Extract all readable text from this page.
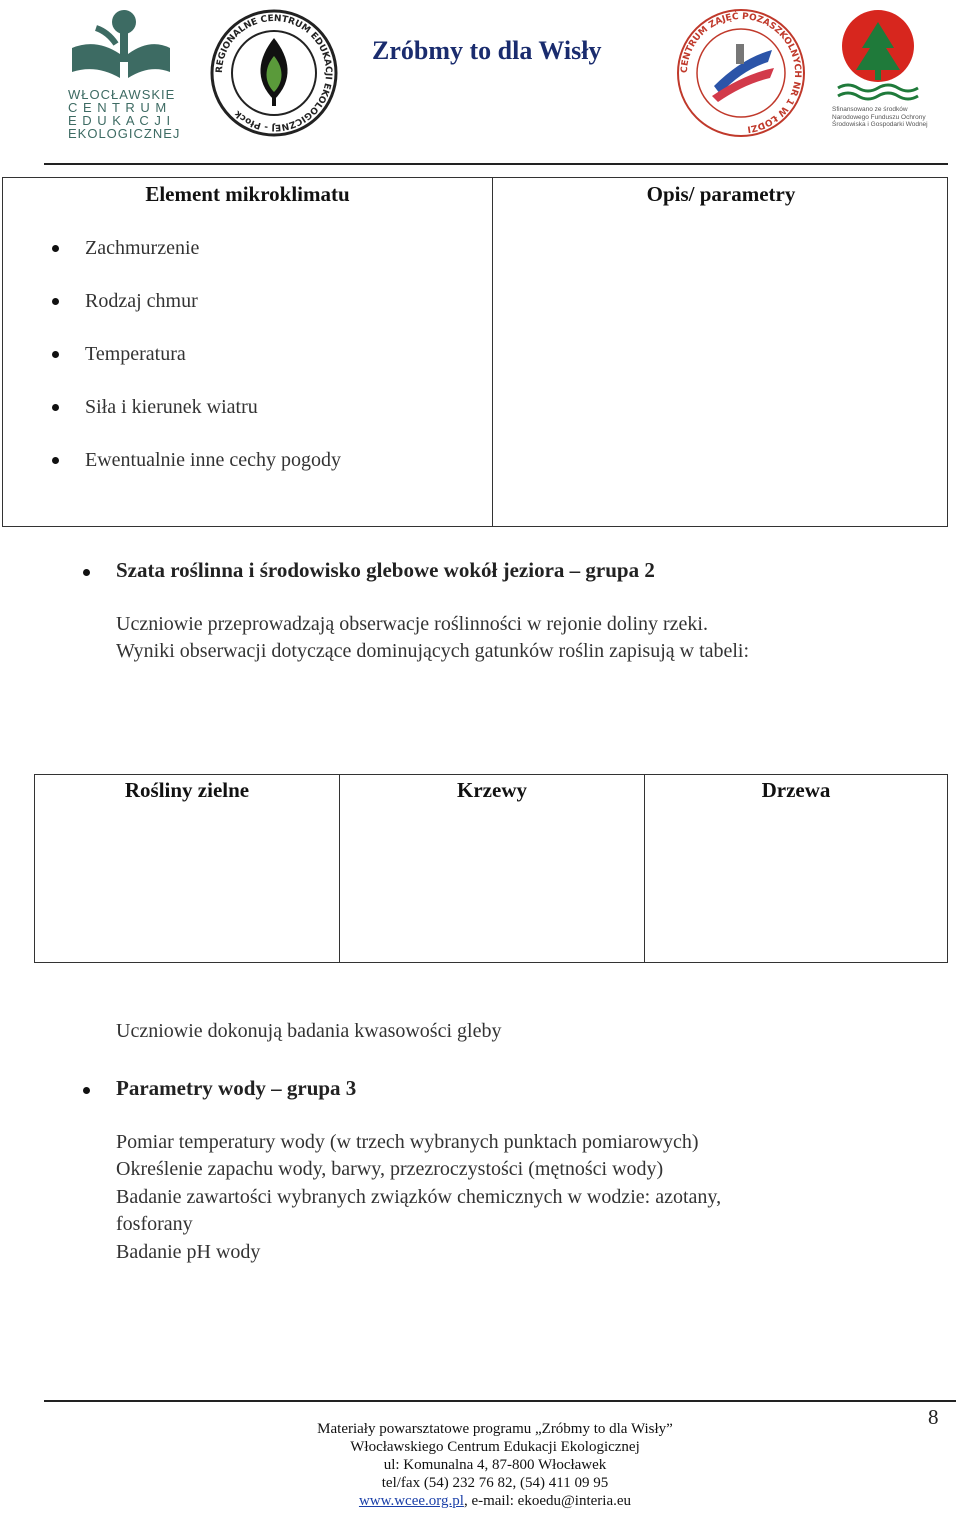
WŁOCŁAWSKIE
C E N T R U M
E D U K A C J I
EKOLOGICZNEJ
REGIONALNE CENTRUM EDUKACJI EKOLOGICZNEJ - Płock
Zróbmy to dla Wisły
CENTRUM ZAJĘĆ POZASZKOLNYCH NR 1 W ŁODZI
Sfinansowano ze środków Narodowego Funduszu Ochrony Środowiska i Gospodarki Wodnej
Element mikroklimatu	Opis/ parametry
Zachmurzenie
Rodzaj chmur
Temperatura
Siła i kierunek wiatru
Ewentualnie inne cechy pogody
Szata roślinna i środowisko glebowe wokół jeziora – grupa 2
Uczniowie przeprowadzają obserwacje roślinności w rejonie doliny rzeki.
Wyniki obserwacji dotyczące dominujących gatunków roślin zapisują w tabeli:
Rośliny zielne	Krzewy	Drzewa
Uczniowie dokonują badania kwasowości gleby
Parametry wody – grupa 3
Pomiar temperatury wody (w trzech wybranych punktach pomiarowych)
Określenie zapachu wody, barwy, przezroczystości (mętności wody)
Badanie zawartości wybranych związków chemicznych w wodzie: azotany,
fosforany
Badanie pH wody
8
Materiały powarsztatowe programu „Zróbmy to dla Wisły”
Włocławskiego Centrum Edukacji Ekologicznej
ul: Komunalna 4, 87-800 Włocławek
tel/fax (54) 232 76 82, (54) 411 09 95
www.wcee.org.pl, e-mail: ekoedu@interia.eu
